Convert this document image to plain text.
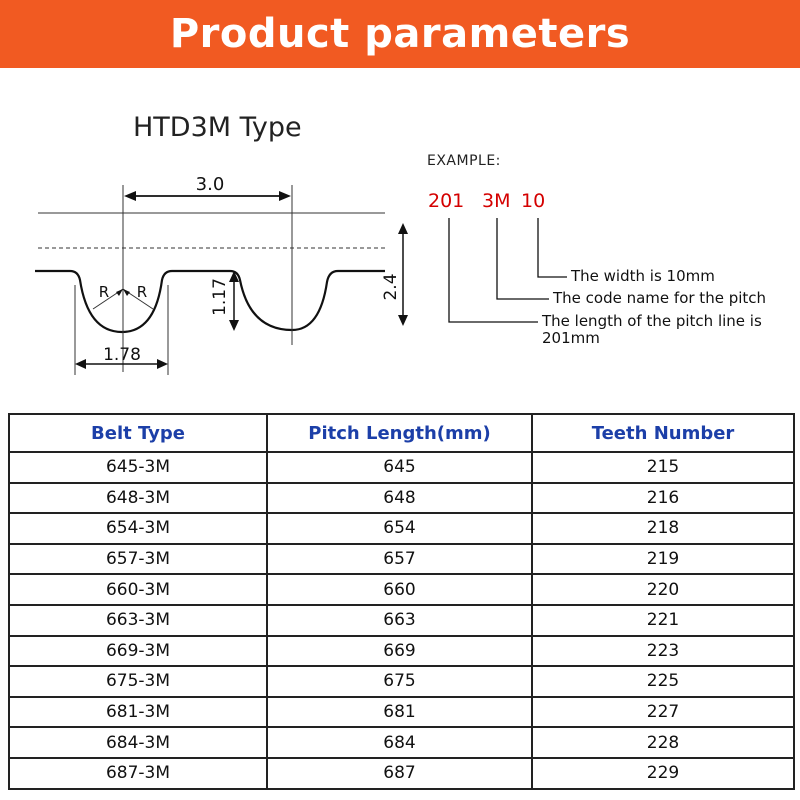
Product parameters
HTD3M Type
3.0
2.4
1.17
1.78
R R
EXAMPLE:
201 3M 10
The width is 10mm
The code name for the pitch
The length of the pitch line is
201mm
Belt Type	Pitch Length(mm)	Teeth Number
645-3M	645	215
648-3M	648	216
654-3M	654	218
657-3M	657	219
660-3M	660	220
663-3M	663	221
669-3M	669	223
675-3M	675	225
681-3M	681	227
684-3M	684	228
687-3M	687	229
